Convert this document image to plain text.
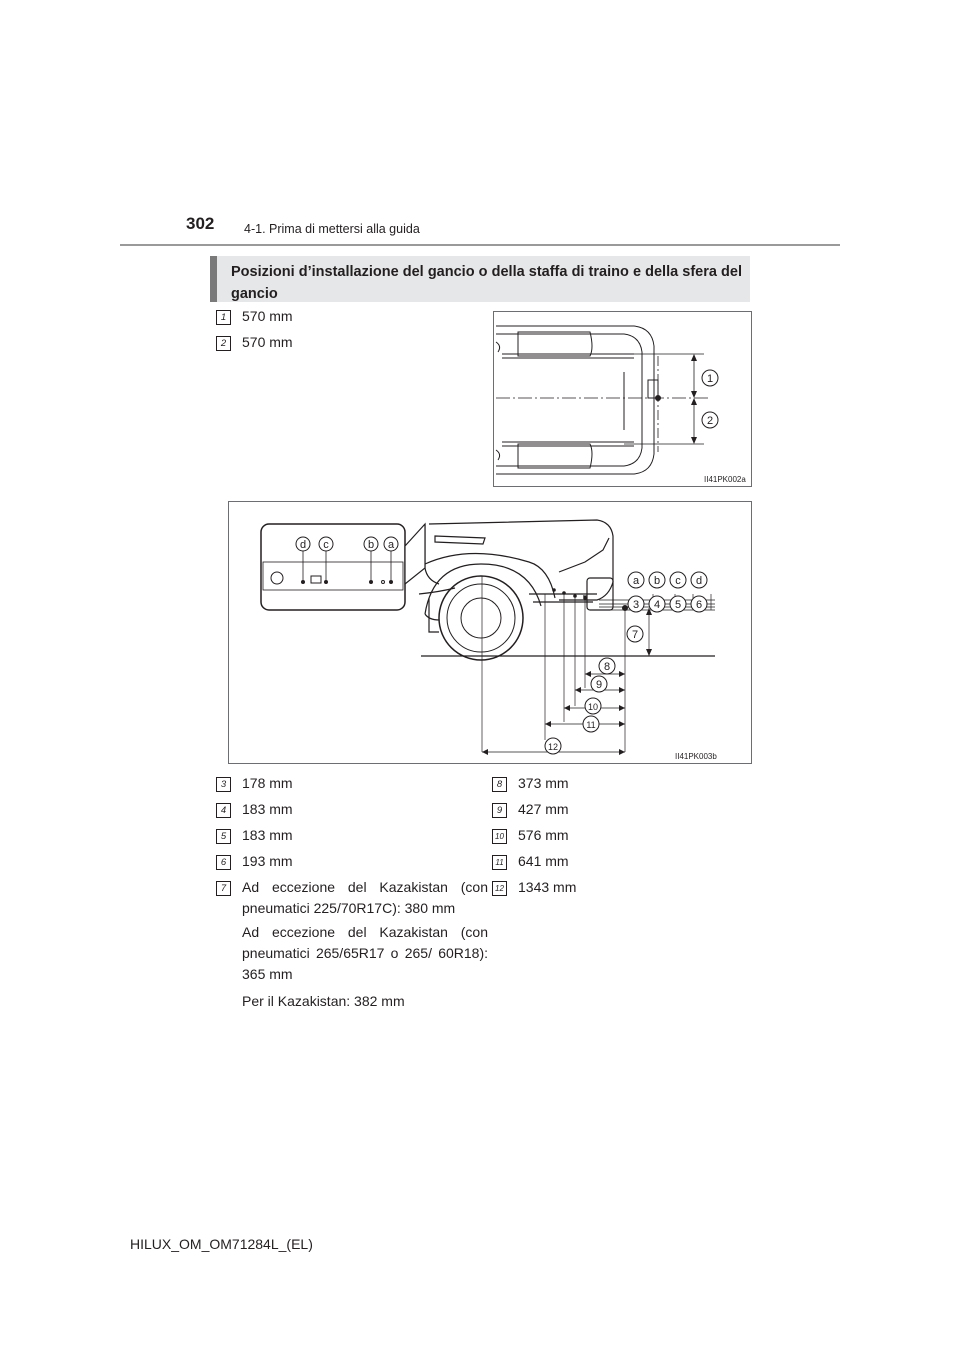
302 4-1. Prima di mettersi alla guida
Posizioni d’installazione del gancio o della staffa di traino e della sfera del gancio
1	570 mm
2	570 mm
1
2
II41PK002a
d c	b a
a b c d
3 4 5 6
7
8
9
10
11
12
II41PK003b
3	178 mm
4	183 mm
5	183 mm
6	193 mm
7	Ad eccezione del Kazakistan (con pneumatici 225/70R17C): 380 mm
Ad eccezione del Kazakistan (con pneumatici 265/65R17 o 265/ 60R18): 365 mm
Per il Kazakistan: 382 mm
8	373 mm
9	427 mm
10 576 mm
11 641 mm
12 1343 mm
HILUX_OM_OM71284L_(EL)
